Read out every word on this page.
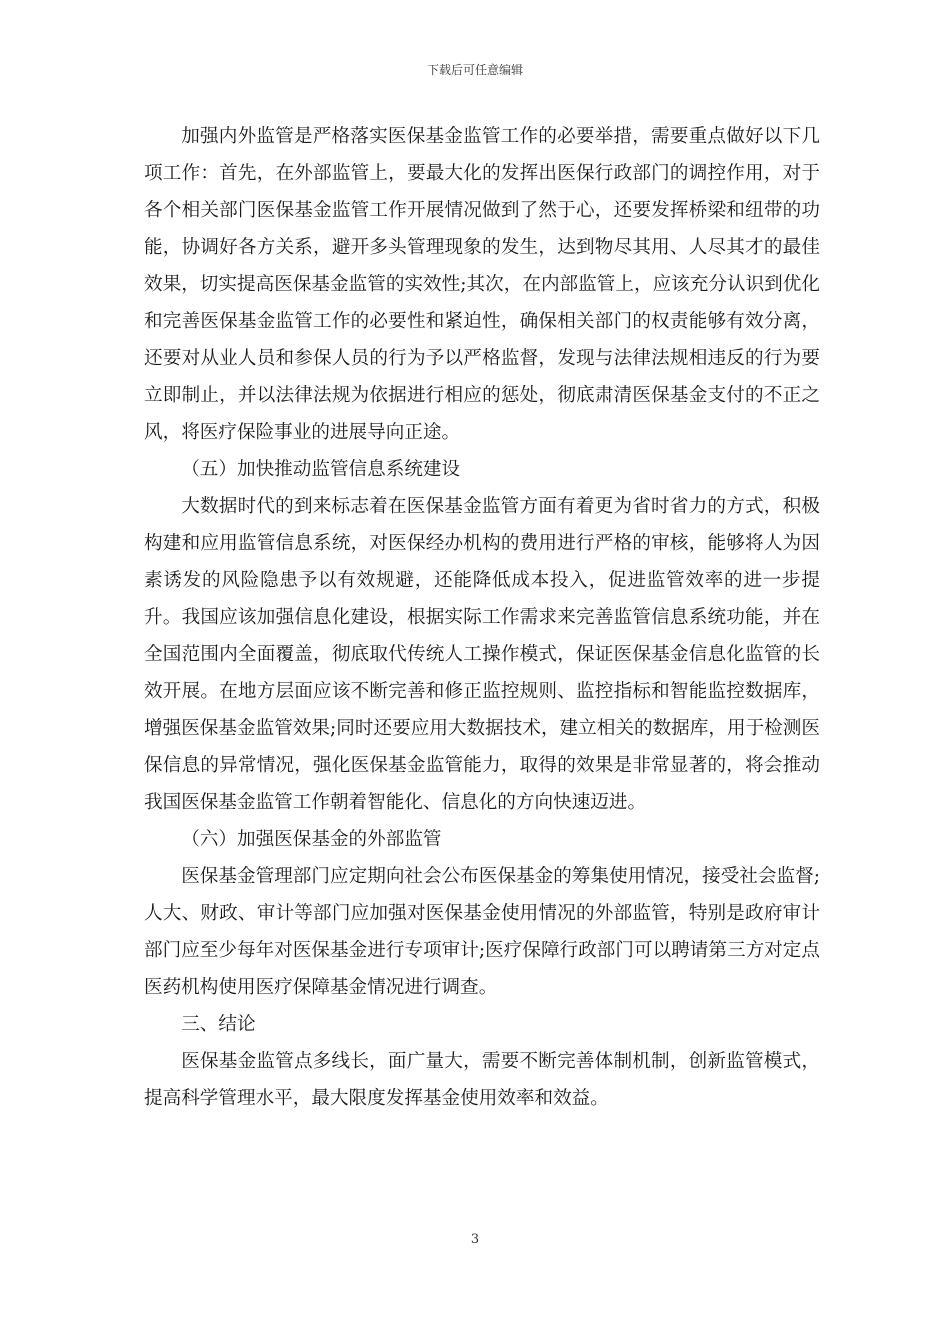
下载后可任意编辑

加强内外监管是严格落实医保基金监管工作的必要举措，需要重点做好以下几项工作：首先，在外部监管上，要最大化的发挥出医保行政部门的调控作用，对于各个相关部门医保基金监管工作开展情况做到了然于心，还要发挥桥梁和纽带的功能，协调好各方关系，避开多头管理现象的发生，达到物尽其用、人尽其才的最佳效果，切实提高医保基金监管的实效性;其次，在内部监管上，应该充分认识到优化和完善医保基金监管工作的必要性和紧迫性，确保相关部门的权责能够有效分离，还要对从业人员和参保人员的行为予以严格监督，发现与法律法规相违反的行为要立即制止，并以法律法规为依据进行相应的惩处，彻底肃清医保基金支付的不正之风，将医疗保险事业的进展导向正途。

（五）加快推动监管信息系统建设

大数据时代的到来标志着在医保基金监管方面有着更为省时省力的方式，积极构建和应用监管信息系统，对医保经办机构的费用进行严格的审核，能够将人为因素诱发的风险隐患予以有效规避，还能降低成本投入，促进监管效率的进一步提升。我国应该加强信息化建设，根据实际工作需求来完善监管信息系统功能，并在全国范围内全面覆盖，彻底取代传统人工操作模式，保证医保基金信息化监管的长效开展。在地方层面应该不断完善和修正监控规则、监控指标和智能监控数据库，增强医保基金监管效果;同时还要应用大数据技术，建立相关的数据库，用于检测医保信息的异常情况，强化医保基金监管能力，取得的效果是非常显著的，将会推动我国医保基金监管工作朝着智能化、信息化的方向快速迈进。

（六）加强医保基金的外部监管

医保基金管理部门应定期向社会公布医保基金的筹集使用情况，接受社会监督;人大、财政、审计等部门应加强对医保基金使用情况的外部监管，特别是政府审计部门应至少每年对医保基金进行专项审计;医疗保障行政部门可以聘请第三方对定点医药机构使用医疗保障基金情况进行调查。

三、结论

医保基金监管点多线长，面广量大，需要不断完善体制机制，创新监管模式，提高科学管理水平，最大限度发挥基金使用效率和效益。

3
